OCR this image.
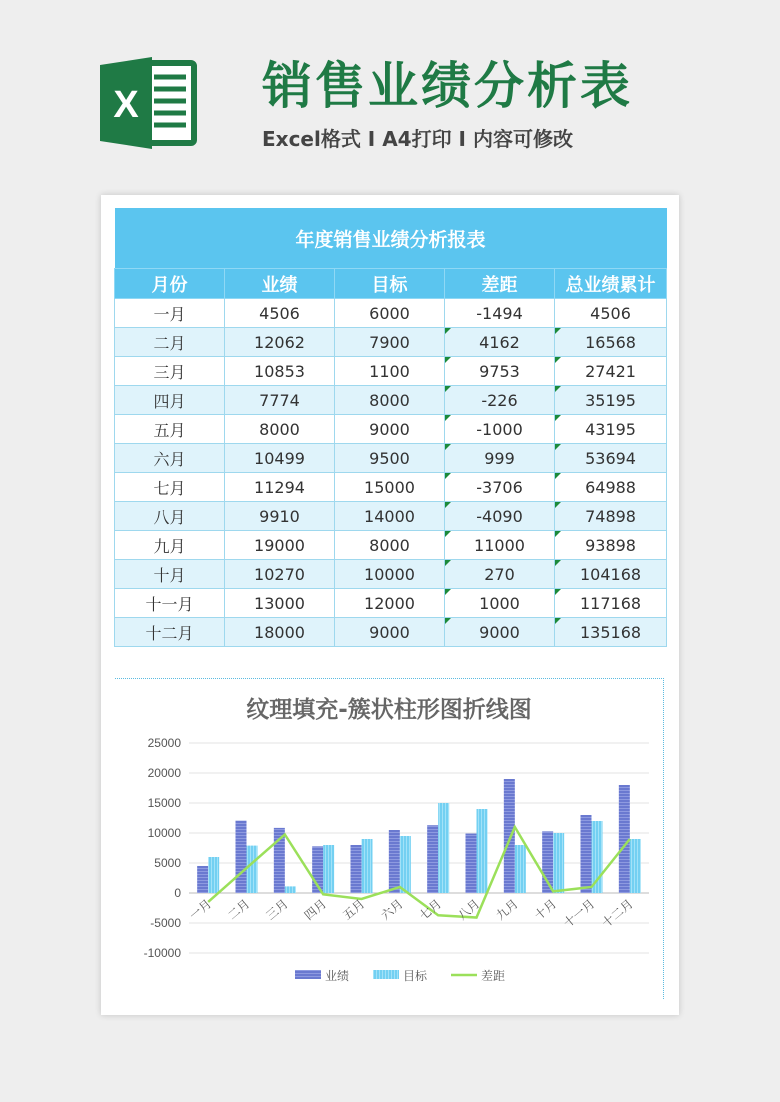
X 销售业绩分析表
Excel格式 Ι A4打印 Ι 内容可修改
年度销售业绩分析报表				
月份	业绩	目标	差距	总业绩累计
一月	4506	6000	-1494	4506
二月	12062	7900	4162	16568
三月	10853	1100	9753	27421
四月	7774	8000	-226	35195
五月	8000	9000	-1000	43195
六月	10499	9500	999	53694
七月	11294	15000	-3706	64988
八月	9910	14000	-4090	74898
九月	19000	8000	11000	93898
十月	10270	10000	270	104168
十一月	13000	12000	1000	117168
十二月	18000	9000	9000	135168
纹理填充-簇状柱形图折线图
25000
20000
15000
10000
5000
0
-5000
-10000
一月 二月 三月 四月 五月 六月 七月 八月 九月 十月 十一月 十二月
业绩	目标	差距
